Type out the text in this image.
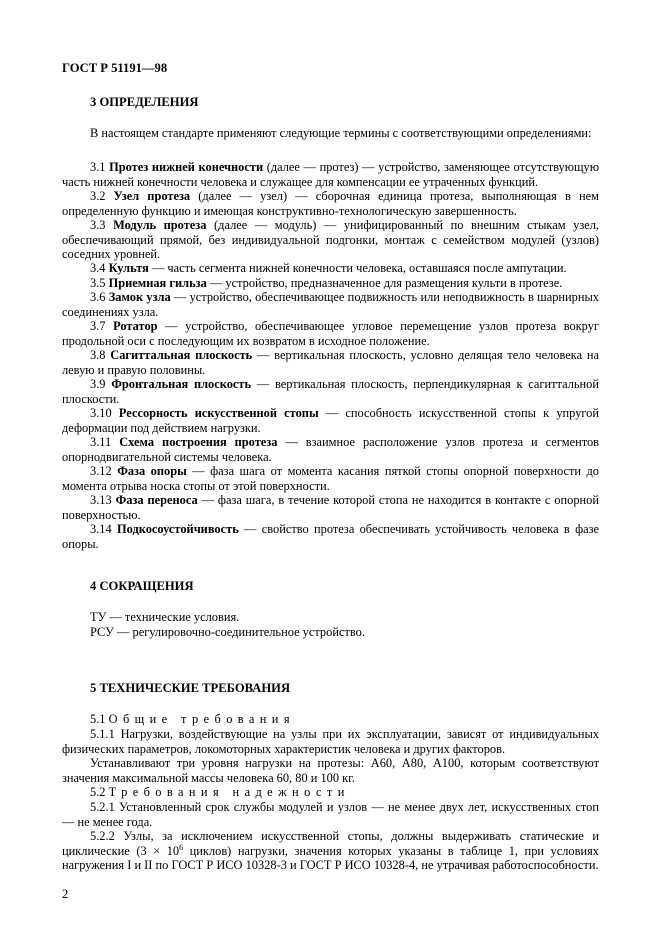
ГОСТ Р 51191—98
3 ОПРЕДЕЛЕНИЯ
В настоящем стандарте применяют следующие термины с соответствующими определениями:
3.1 Протез нижней конечности (далее — протез) — устройство, заменяющее отсутствующую часть нижней конечности человека и служащее для компенсации ее утраченных функций.
3.2 Узел протеза (далее — узел) — сборочная единица протеза, выполняющая в нем определенную функцию и имеющая конструктивно-технологическую завершенность.
3.3 Модуль протеза (далее — модуль) — унифицированный по внешним стыкам узел, обеспечивающий прямой, без индивидуальной подгонки, монтаж с семейством модулей (узлов) соседних уровней.
3.4 Культя — часть сегмента нижней конечности человека, оставшаяся после ампутации.
3.5 Приемная гильза — устройство, предназначенное для размещения культи в протезе.
3.6 Замок узла — устройство, обеспечивающее подвижность или неподвижность в шарнирных соединениях узла.
3.7 Ротатор — устройство, обеспечивающее угловое перемещение узлов протеза вокруг продольной оси с последующим их возвратом в исходное положение.
3.8 Сагиттальная плоскость — вертикальная плоскость, условно делящая тело человека на левую и правую половины.
3.9 Фронтальная плоскость — вертикальная плоскость, перпендикулярная к сагиттальной плоскости.
3.10 Рессорность искусственной стопы — способность искусственной стопы к упругой деформации под действием нагрузки.
3.11 Схема построения протеза — взаимное расположение узлов протеза и сегментов опорнодвигательной системы человека.
3.12 Фаза опоры — фаза шага от момента касания пяткой стопы опорной поверхности до момента отрыва носка стопы от этой поверхности.
3.13 Фаза переноса — фаза шага, в течение которой стопа не находится в контакте с опорной поверхностью.
3.14 Подкосоустойчивость — свойство протеза обеспечивать устойчивость человека в фазе опоры.
4 СОКРАЩЕНИЯ
ТУ — технические условия.
РСУ — регулировочно-соединительное устройство.
5 ТЕХНИЧЕСКИЕ ТРЕБОВАНИЯ
5.1 Общие требования
5.1.1 Нагрузки, воздействующие на узлы при их эксплуатации, зависят от индивидуальных физических параметров, локомоторных характеристик человека и других факторов.
Устанавливают три уровня нагрузки на протезы: А60, А80, А100, которым соответствуют значения максимальной массы человека 60, 80 и 100 кг.
5.2 Требования надежности
5.2.1 Установленный срок службы модулей и узлов — не менее двух лет, искусственных стоп — не менее года.
5.2.2 Узлы, за исключением искусственной стопы, должны выдерживать статические и циклические ($3 \times 10^6$ циклов) нагрузки, значения которых указаны в таблице 1, при условиях нагружения I и II по ГОСТ Р ИСО 10328-3 и ГОСТ Р ИСО 10328-4, не утрачивая работоспособности.
2
